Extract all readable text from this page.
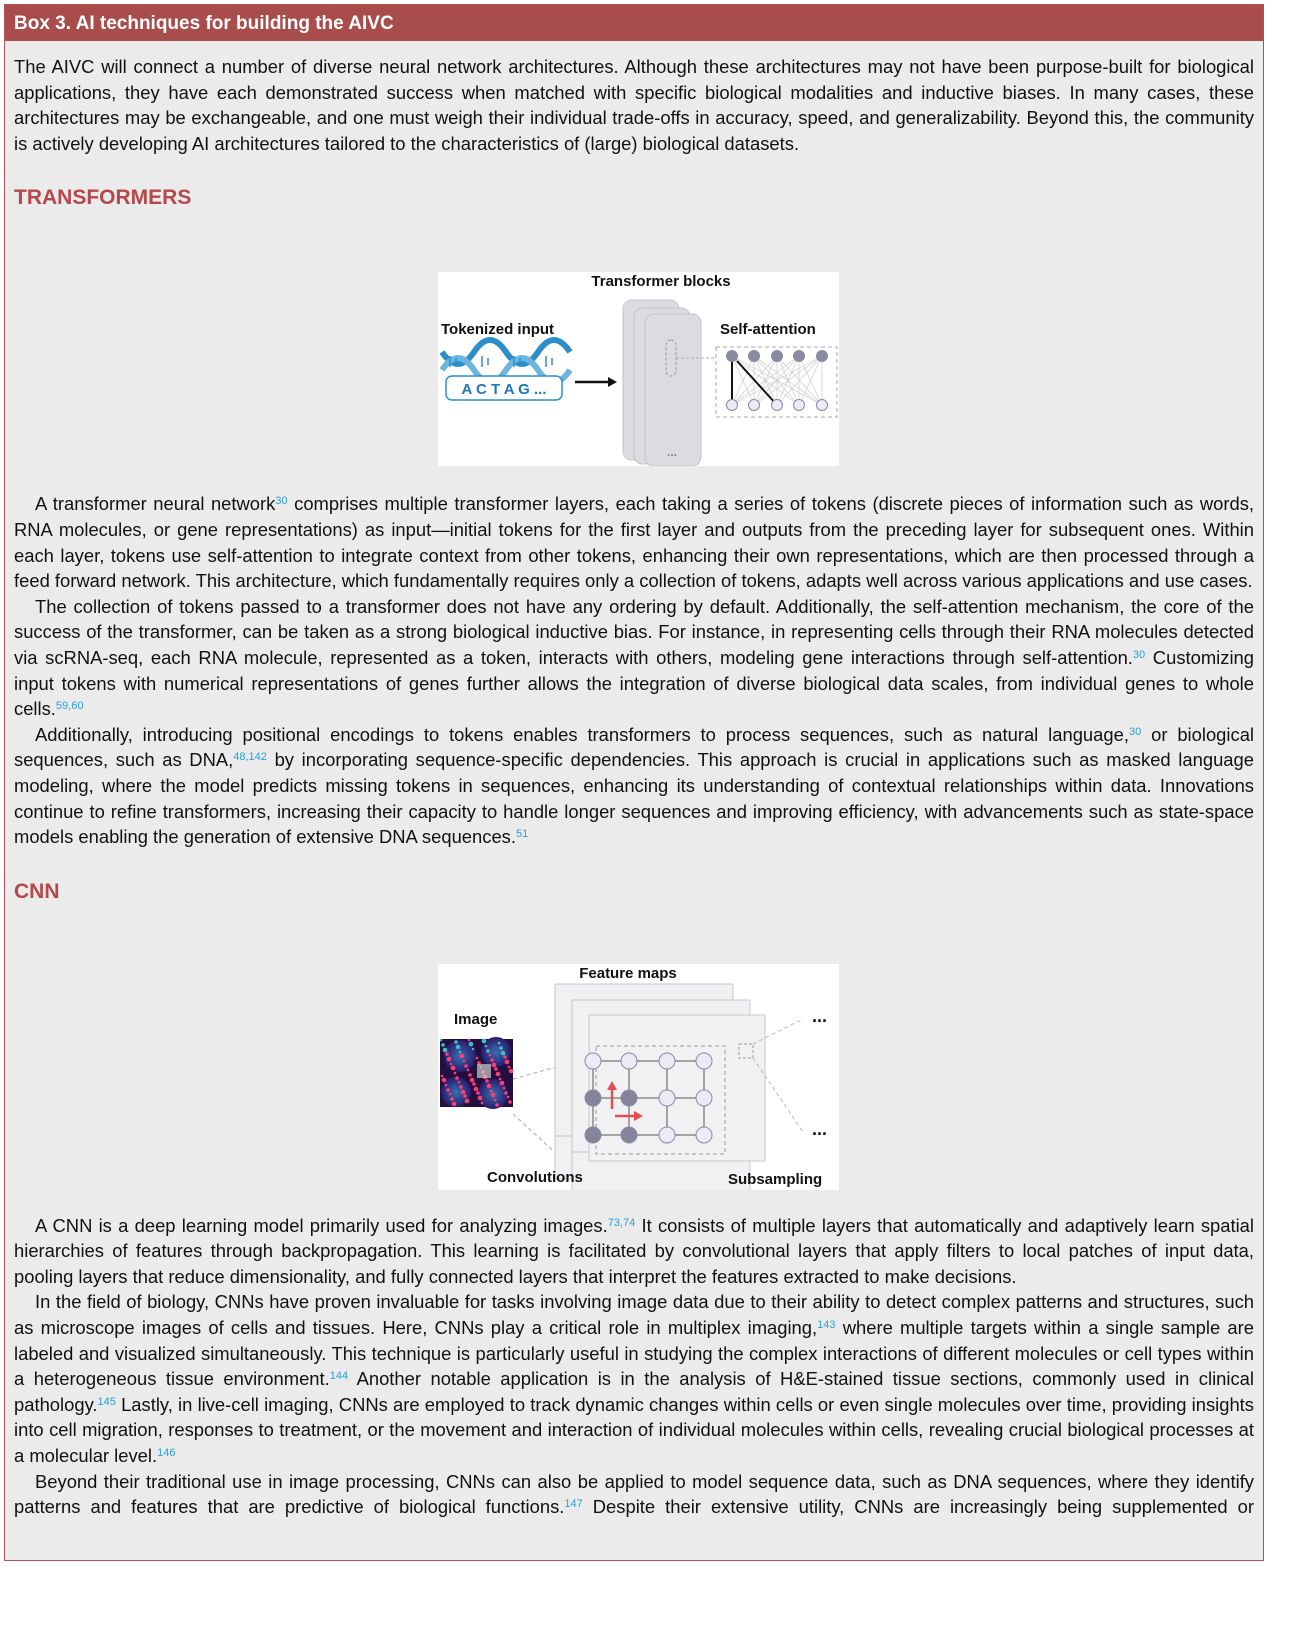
Box 3. AI techniques for building the AIVC

The AIVC will connect a number of diverse neural network architectures. Although these architectures may not have been purpose-built for biological applications, they have each demonstrated success when matched with specific biological modalities and inductive biases. In many cases, these architectures may be exchangeable, and one must weigh their individual trade-offs in accuracy, speed, and generalizability. Beyond this, the community is actively developing AI architectures tailored to the characteristics of (large) biological datasets.

TRANSFORMERS
Transformer blocks
Tokenized input	Self-attention
A C T A G ...
...

A transformer neural network$^{30}$ comprises multiple transformer layers, each taking a series of tokens (discrete pieces of information such as words, RNA molecules, or gene representations) as input—initial tokens for the first layer and outputs from the preceding layer for subsequent ones. Within each layer, tokens use self-attention to integrate context from other tokens, enhancing their own representations, which are then processed through a feed forward network. This architecture, which fundamentally requires only a collection of tokens, adapts well across various applications and use cases.

The collection of tokens passed to a transformer does not have any ordering by default. Additionally, the self-attention mechanism, the core of the success of the transformer, can be taken as a strong biological inductive bias. For instance, in representing cells through their RNA molecules detected via scRNA-seq, each RNA molecule, represented as a token, interacts with others, modeling gene interactions through self-attention.$^{30}$ Customizing input tokens with numerical representations of genes further allows the integration of diverse biological data scales, from individual genes to whole cells.$^{59,60}$

Additionally, introducing positional encodings to tokens enables transformers to process sequences, such as natural language,$^{30}$ or biological sequences, such as DNA,$^{48,142}$ by incorporating sequence-specific dependencies. This approach is crucial in applications such as masked language modeling, where the model predicts missing tokens in sequences, enhancing its understanding of contextual relationships within data. Innovations continue to refine transformers, increasing their capacity to handle longer sequences and improving efficiency, with advancements such as state-space models enabling the generation of extensive DNA sequences.$^{51}$

CNN
Feature maps
Image	...
...
Convolutions	Subsampling

A CNN is a deep learning model primarily used for analyzing images.$^{73,74}$ It consists of multiple layers that automatically and adaptively learn spatial hierarchies of features through backpropagation. This learning is facilitated by convolutional layers that apply filters to local patches of input data, pooling layers that reduce dimensionality, and fully connected layers that interpret the features extracted to make decisions.

In the field of biology, CNNs have proven invaluable for tasks involving image data due to their ability to detect complex patterns and structures, such as microscope images of cells and tissues. Here, CNNs play a critical role in multiplex imaging,$^{143}$ where multiple targets within a single sample are labeled and visualized simultaneously. This technique is particularly useful in studying the complex interactions of different molecules or cell types within a heterogeneous tissue environment.$^{144}$ Another notable application is in the analysis of H&E-stained tissue sections, commonly used in clinical pathology.$^{145}$ Lastly, in live-cell imaging, CNNs are employed to track dynamic changes within cells or even single molecules over time, providing insights into cell migration, responses to treatment, or the movement and interaction of individual molecules within cells, revealing crucial biological processes at a molecular level.$^{146}$

Beyond their traditional use in image processing, CNNs can also be applied to model sequence data, such as DNA sequences, where they identify patterns and features that are predictive of biological functions.$^{147}$ Despite their extensive utility, CNNs are increasingly being supplemented or
